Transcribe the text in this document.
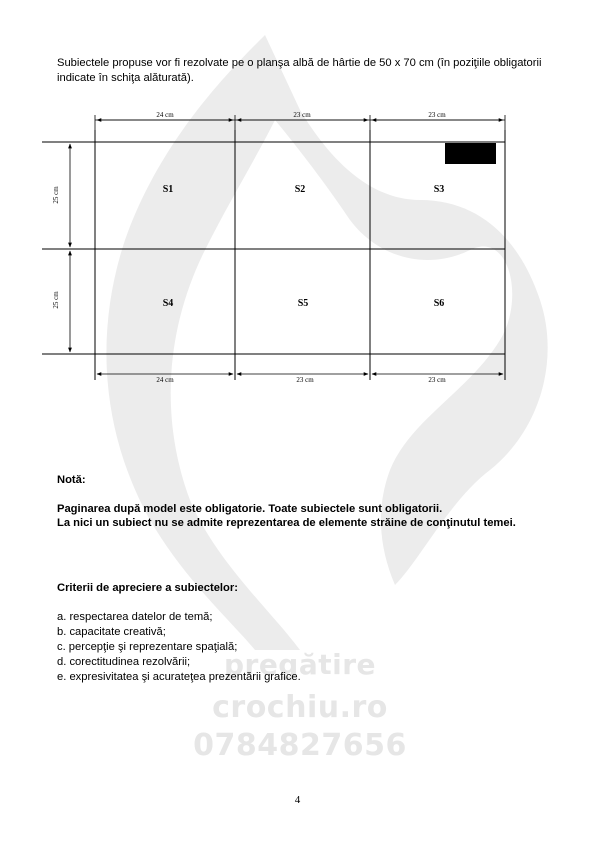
pregătire
crochiu.ro
0784827656
Subiectele propuse vor fi rezolvate pe o planşa albă de hârtie de 50 x 70 cm (în poziţiile obligatorii indicate în schiţa alăturată).
24 cm	23 cm	23 cm
25 cm
25 cm
S1	S2	S3
S4	S5	S6
24 cm	23 cm	23 cm
Notă:
Paginarea după model este obligatorie. Toate subiectele sunt obligatorii.
La nici un subiect nu se admite reprezentarea de elemente străine de conţinutul temei.
Criterii de apreciere a subiectelor:
a. respectarea datelor de temă;
b. capacitate creativă;
c. percepţie şi reprezentare spaţială;
d. corectitudinea rezolvării;
e. expresivitatea şi acurateţea prezentării grafice.
4
